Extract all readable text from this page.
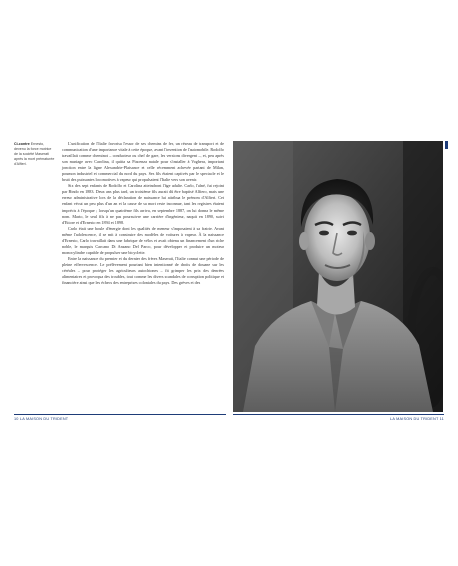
Ci-contre Ernesto, devenu la force motrice de la société Maserati après la mort prématurée d'Alfieri.

L'unification de l'Italie favorisa l'essor de ses chemins de fer, un réseau de transport et de communication d'une importance vitale à cette époque, avant l'invention de l'automobile. Rodolfo travaillait comme cheminot – conducteur ou chef de gare, les versions divergent –, et, peu après son mariage avec Carolina, il quitta sa Piacenza natale pour s'installer à Voghera, important jonction entre la ligne Alexandrie-Plaisance et celle récemment achevée partant de Milan, poumon industriel et commercial du nord du pays. Ses fils étaient captivés par le spectacle et le bruit des puissantes locomotives à vapeur qui propulsaient l'Italie vers son avenir.

Six des sept enfants de Rodolfo et Carolina atteindront l'âge adulte. Carlo, l'aîné, fut rejoint par Bindo en 1883. Deux ans plus tard, un troisième fils aurait dû être baptisé Alfiero, mais une erreur administrative lors de la déclaration de naissance lui attribua le prénom d'Alfieri. Cet enfant vécut un peu plus d'un an et la cause de sa mort reste inconnue, tant les registres étaient imprécis à l'époque ; lorsqu'un quatrième fils arriva, en septembre 1887, on lui donna le même nom. Mario, le seul fils à ne pas poursuivre une carrière d'ingénieur, naquit en 1890, suivi d'Ettore et d'Ernesto en 1894 et 1898.

Carlo était une boule d'énergie dont les qualités de meneur s'imposaient à sa fratrie. Avant même l'adolescence, il se mit à construire des modèles de voitures à vapeur. À la naissance d'Ernesto, Carlo travaillait dans une fabrique de vélos et avait obtenu un financement d'un riche noble, le marquis Carcano Di Anzano Del Parco, pour développer et produire un moteur monocylindre capable de propulser une bicyclette.

Entre la naissance du premier et du dernier des frères Maserati, l'Italie connut une période de pleine effervescence. Le prélèvement pourtant bien intentionné de droits de douane sur les céréales – pour protéger les agriculteurs autochtones – fit grimper les prix des denrées alimentaires et provoqua des troubles, tout comme les divers scandales de corruption politique et financière ainsi que les échecs des entreprises coloniales du pays. Des grèves et des

10 LA MAISON DU TRIDENT	LA MAISON DU TRIDENT 11
